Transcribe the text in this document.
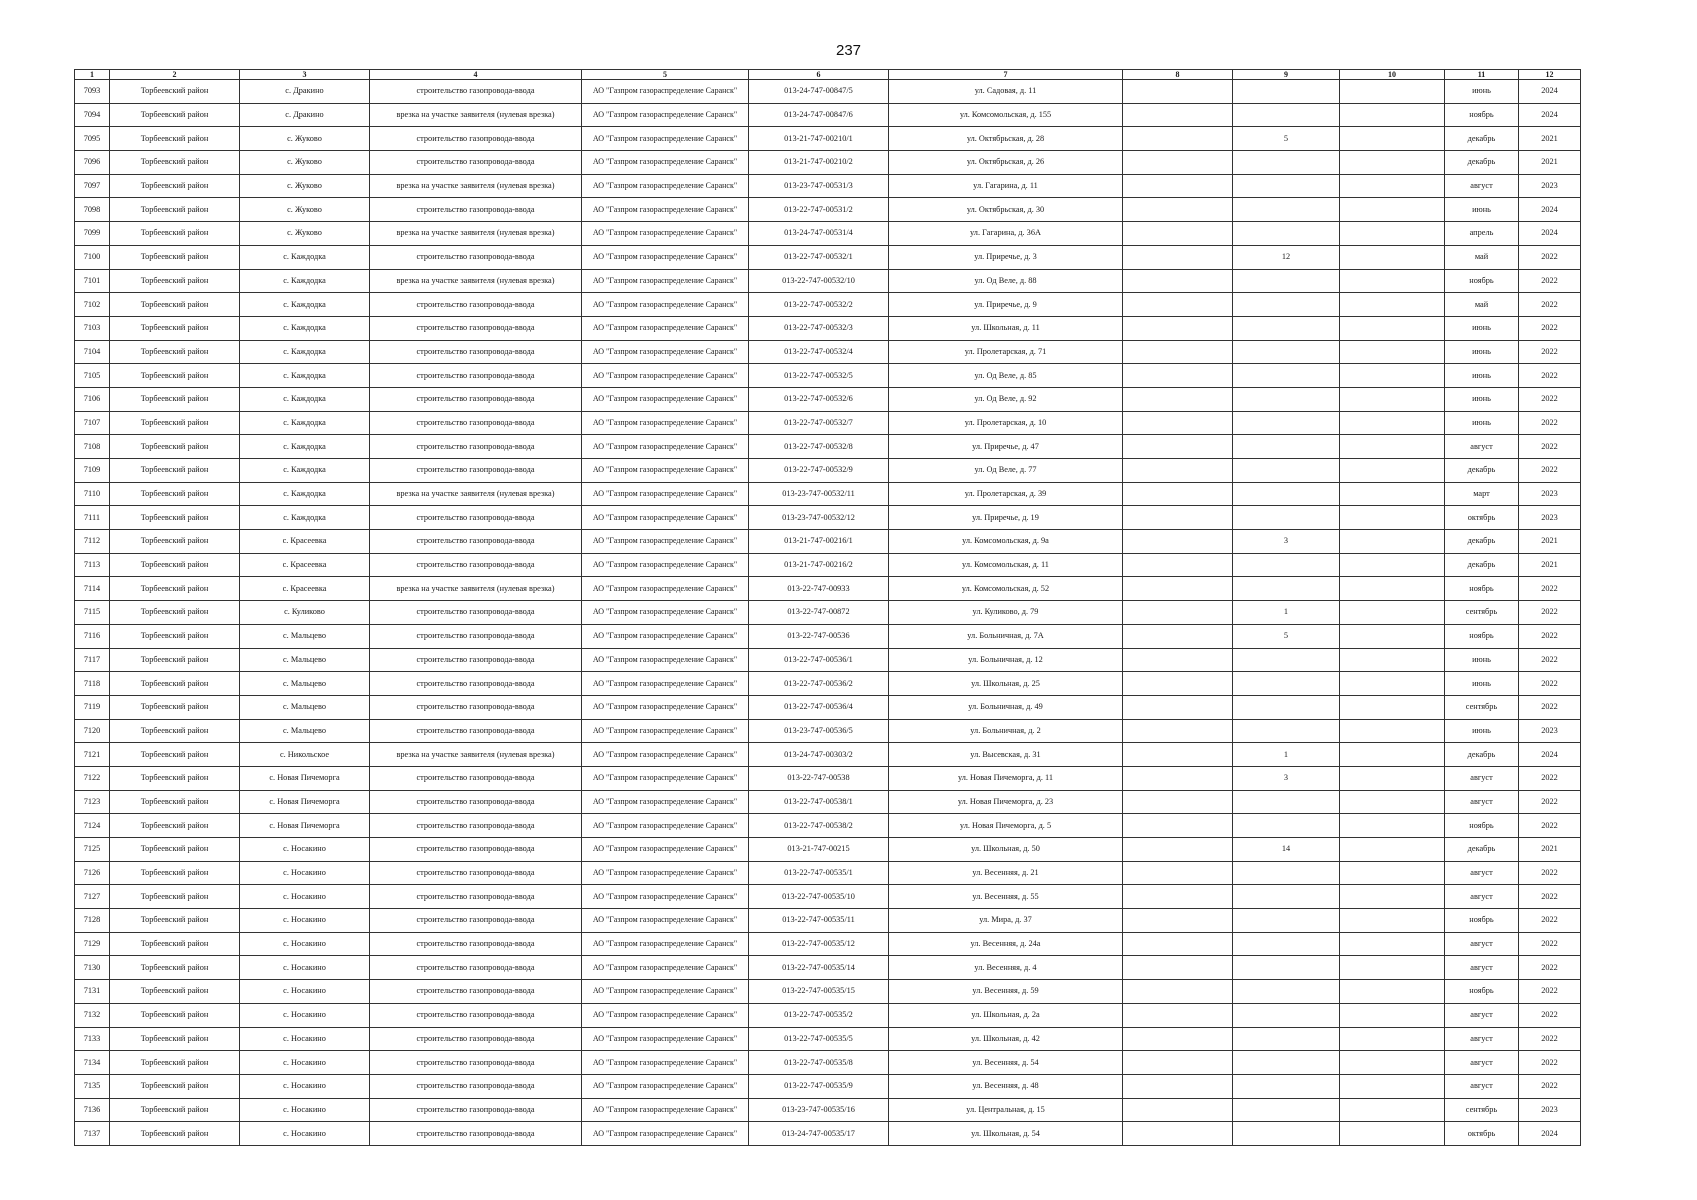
237
1	2	3	4	5	6	7	8	9	10	11	12
7093	Торбеевский район	с. Дракино	строительство газопровода-ввода	АО "Газпром газораспределение Саранск"	013-24-747-00847/5	ул. Садовая, д. 11				июнь	2024
7094	Торбеевский район	с. Дракино	врезка на участке заявителя (нулевая врезка)	АО "Газпром газораспределение Саранск"	013-24-747-00847/6	ул. Комсомольская, д. 155				ноябрь	2024
7095	Торбеевский район	с. Жуково	строительство газопровода-ввода	АО "Газпром газораспределение Саранск"	013-21-747-00210/1	ул. Октябрьская, д. 28		5		декабрь	2021
7096	Торбеевский район	с. Жуково	строительство газопровода-ввода	АО "Газпром газораспределение Саранск"	013-21-747-00210/2	ул. Октябрьская, д. 26				декабрь	2021
7097	Торбеевский район	с. Жуково	врезка на участке заявителя (нулевая врезка)	АО "Газпром газораспределение Саранск"	013-23-747-00531/3	ул. Гагарина, д. 11				август	2023
7098	Торбеевский район	с. Жуково	строительство газопровода-ввода	АО "Газпром газораспределение Саранск"	013-22-747-00531/2	ул. Октябрьская, д. 30				июнь	2024
7099	Торбеевский район	с. Жуково	врезка на участке заявителя (нулевая врезка)	АО "Газпром газораспределение Саранск"	013-24-747-00531/4	ул. Гагарина, д. 36А				апрель	2024
7100	Торбеевский район	с. Каждодка	строительство газопровода-ввода	АО "Газпром газораспределение Саранск"	013-22-747-00532/1	ул. Приречье, д. 3		12		май	2022
7101	Торбеевский район	с. Каждодка	врезка на участке заявителя (нулевая врезка)	АО "Газпром газораспределение Саранск"	013-22-747-00532/10	ул. Од Веле, д. 88				ноябрь	2022
7102	Торбеевский район	с. Каждодка	строительство газопровода-ввода	АО "Газпром газораспределение Саранск"	013-22-747-00532/2	ул. Приречье, д. 9				май	2022
7103	Торбеевский район	с. Каждодка	строительство газопровода-ввода	АО "Газпром газораспределение Саранск"	013-22-747-00532/3	ул. Школьная, д. 11				июнь	2022
7104	Торбеевский район	с. Каждодка	строительство газопровода-ввода	АО "Газпром газораспределение Саранск"	013-22-747-00532/4	ул. Пролетарская, д. 71				июнь	2022
7105	Торбеевский район	с. Каждодка	строительство газопровода-ввода	АО "Газпром газораспределение Саранск"	013-22-747-00532/5	ул. Од Веле, д. 85				июнь	2022
7106	Торбеевский район	с. Каждодка	строительство газопровода-ввода	АО "Газпром газораспределение Саранск"	013-22-747-00532/6	ул. Од Веле, д. 92				июнь	2022
7107	Торбеевский район	с. Каждодка	строительство газопровода-ввода	АО "Газпром газораспределение Саранск"	013-22-747-00532/7	ул. Пролетарская, д. 10				июнь	2022
7108	Торбеевский район	с. Каждодка	строительство газопровода-ввода	АО "Газпром газораспределение Саранск"	013-22-747-00532/8	ул. Приречье, д. 47				август	2022
7109	Торбеевский район	с. Каждодка	строительство газопровода-ввода	АО "Газпром газораспределение Саранск"	013-22-747-00532/9	ул. Од Веле, д. 77				декабрь	2022
7110	Торбеевский район	с. Каждодка	врезка на участке заявителя (нулевая врезка)	АО "Газпром газораспределение Саранск"	013-23-747-00532/11	ул. Пролетарская, д. 39				март	2023
7111	Торбеевский район	с. Каждодка	строительство газопровода-ввода	АО "Газпром газораспределение Саранск"	013-23-747-00532/12	ул. Приречье, д. 19				октябрь	2023
7112	Торбеевский район	с. Красеевка	строительство газопровода-ввода	АО "Газпром газораспределение Саранск"	013-21-747-00216/1	ул. Комсомольская, д. 9а		3		декабрь	2021
7113	Торбеевский район	с. Красеевка	строительство газопровода-ввода	АО "Газпром газораспределение Саранск"	013-21-747-00216/2	ул. Комсомольская, д. 11				декабрь	2021
7114	Торбеевский район	с. Красеевка	врезка на участке заявителя (нулевая врезка)	АО "Газпром газораспределение Саранск"	013-22-747-00933	ул. Комсомольская, д. 52				ноябрь	2022
7115	Торбеевский район	с. Куликово	строительство газопровода-ввода	АО "Газпром газораспределение Саранск"	013-22-747-00872	ул. Куликово, д. 79		1		сентябрь	2022
7116	Торбеевский район	с. Мальцево	строительство газопровода-ввода	АО "Газпром газораспределение Саранск"	013-22-747-00536	ул. Больничная, д. 7А		5		ноябрь	2022
7117	Торбеевский район	с. Мальцево	строительство газопровода-ввода	АО "Газпром газораспределение Саранск"	013-22-747-00536/1	ул. Больничная, д. 12				июнь	2022
7118	Торбеевский район	с. Мальцево	строительство газопровода-ввода	АО "Газпром газораспределение Саранск"	013-22-747-00536/2	ул. Школьная, д. 25				июнь	2022
7119	Торбеевский район	с. Мальцево	строительство газопровода-ввода	АО "Газпром газораспределение Саранск"	013-22-747-00536/4	ул. Больничная, д. 49				сентябрь	2022
7120	Торбеевский район	с. Мальцево	строительство газопровода-ввода	АО "Газпром газораспределение Саранск"	013-23-747-00536/5	ул. Больничная, д. 2				июнь	2023
7121	Торбеевский район	с. Никольское	врезка на участке заявителя (нулевая врезка)	АО "Газпром газораспределение Саранск"	013-24-747-00303/2	ул. Высевская, д. 31		1		декабрь	2024
7122	Торбеевский район	с. Новая Пичеморга	строительство газопровода-ввода	АО "Газпром газораспределение Саранск"	013-22-747-00538	ул. Новая Пичеморга, д. 11		3		август	2022
7123	Торбеевский район	с. Новая Пичеморга	строительство газопровода-ввода	АО "Газпром газораспределение Саранск"	013-22-747-00538/1	ул. Новая Пичеморга, д. 23				август	2022
7124	Торбеевский район	с. Новая Пичеморга	строительство газопровода-ввода	АО "Газпром газораспределение Саранск"	013-22-747-00538/2	ул. Новая Пичеморга, д. 5				ноябрь	2022
7125	Торбеевский район	с. Носакино	строительство газопровода-ввода	АО "Газпром газораспределение Саранск"	013-21-747-00215	ул. Школьная, д. 50		14		декабрь	2021
7126	Торбеевский район	с. Носакино	строительство газопровода-ввода	АО "Газпром газораспределение Саранск"	013-22-747-00535/1	ул. Весенняя, д. 21				август	2022
7127	Торбеевский район	с. Носакино	строительство газопровода-ввода	АО "Газпром газораспределение Саранск"	013-22-747-00535/10	ул. Весенняя, д. 55				август	2022
7128	Торбеевский район	с. Носакино	строительство газопровода-ввода	АО "Газпром газораспределение Саранск"	013-22-747-00535/11	ул. Мира, д. 37				ноябрь	2022
7129	Торбеевский район	с. Носакино	строительство газопровода-ввода	АО "Газпром газораспределение Саранск"	013-22-747-00535/12	ул. Весенняя, д. 24а				август	2022
7130	Торбеевский район	с. Носакино	строительство газопровода-ввода	АО "Газпром газораспределение Саранск"	013-22-747-00535/14	ул. Весенняя, д. 4				август	2022
7131	Торбеевский район	с. Носакино	строительство газопровода-ввода	АО "Газпром газораспределение Саранск"	013-22-747-00535/15	ул. Весенняя, д. 59				ноябрь	2022
7132	Торбеевский район	с. Носакино	строительство газопровода-ввода	АО "Газпром газораспределение Саранск"	013-22-747-00535/2	ул. Школьная, д. 2а				август	2022
7133	Торбеевский район	с. Носакино	строительство газопровода-ввода	АО "Газпром газораспределение Саранск"	013-22-747-00535/5	ул. Школьная, д. 42				август	2022
7134	Торбеевский район	с. Носакино	строительство газопровода-ввода	АО "Газпром газораспределение Саранск"	013-22-747-00535/8	ул. Весенняя, д. 54				август	2022
7135	Торбеевский район	с. Носакино	строительство газопровода-ввода	АО "Газпром газораспределение Саранск"	013-22-747-00535/9	ул. Весенняя, д. 48				август	2022
7136	Торбеевский район	с. Носакино	строительство газопровода-ввода	АО "Газпром газораспределение Саранск"	013-23-747-00535/16	ул. Центральная, д. 15				сентябрь	2023
7137	Торбеевский район	с. Носакино	строительство газопровода-ввода	АО "Газпром газораспределение Саранск"	013-24-747-00535/17	ул. Школьная, д. 54				октябрь	2024
